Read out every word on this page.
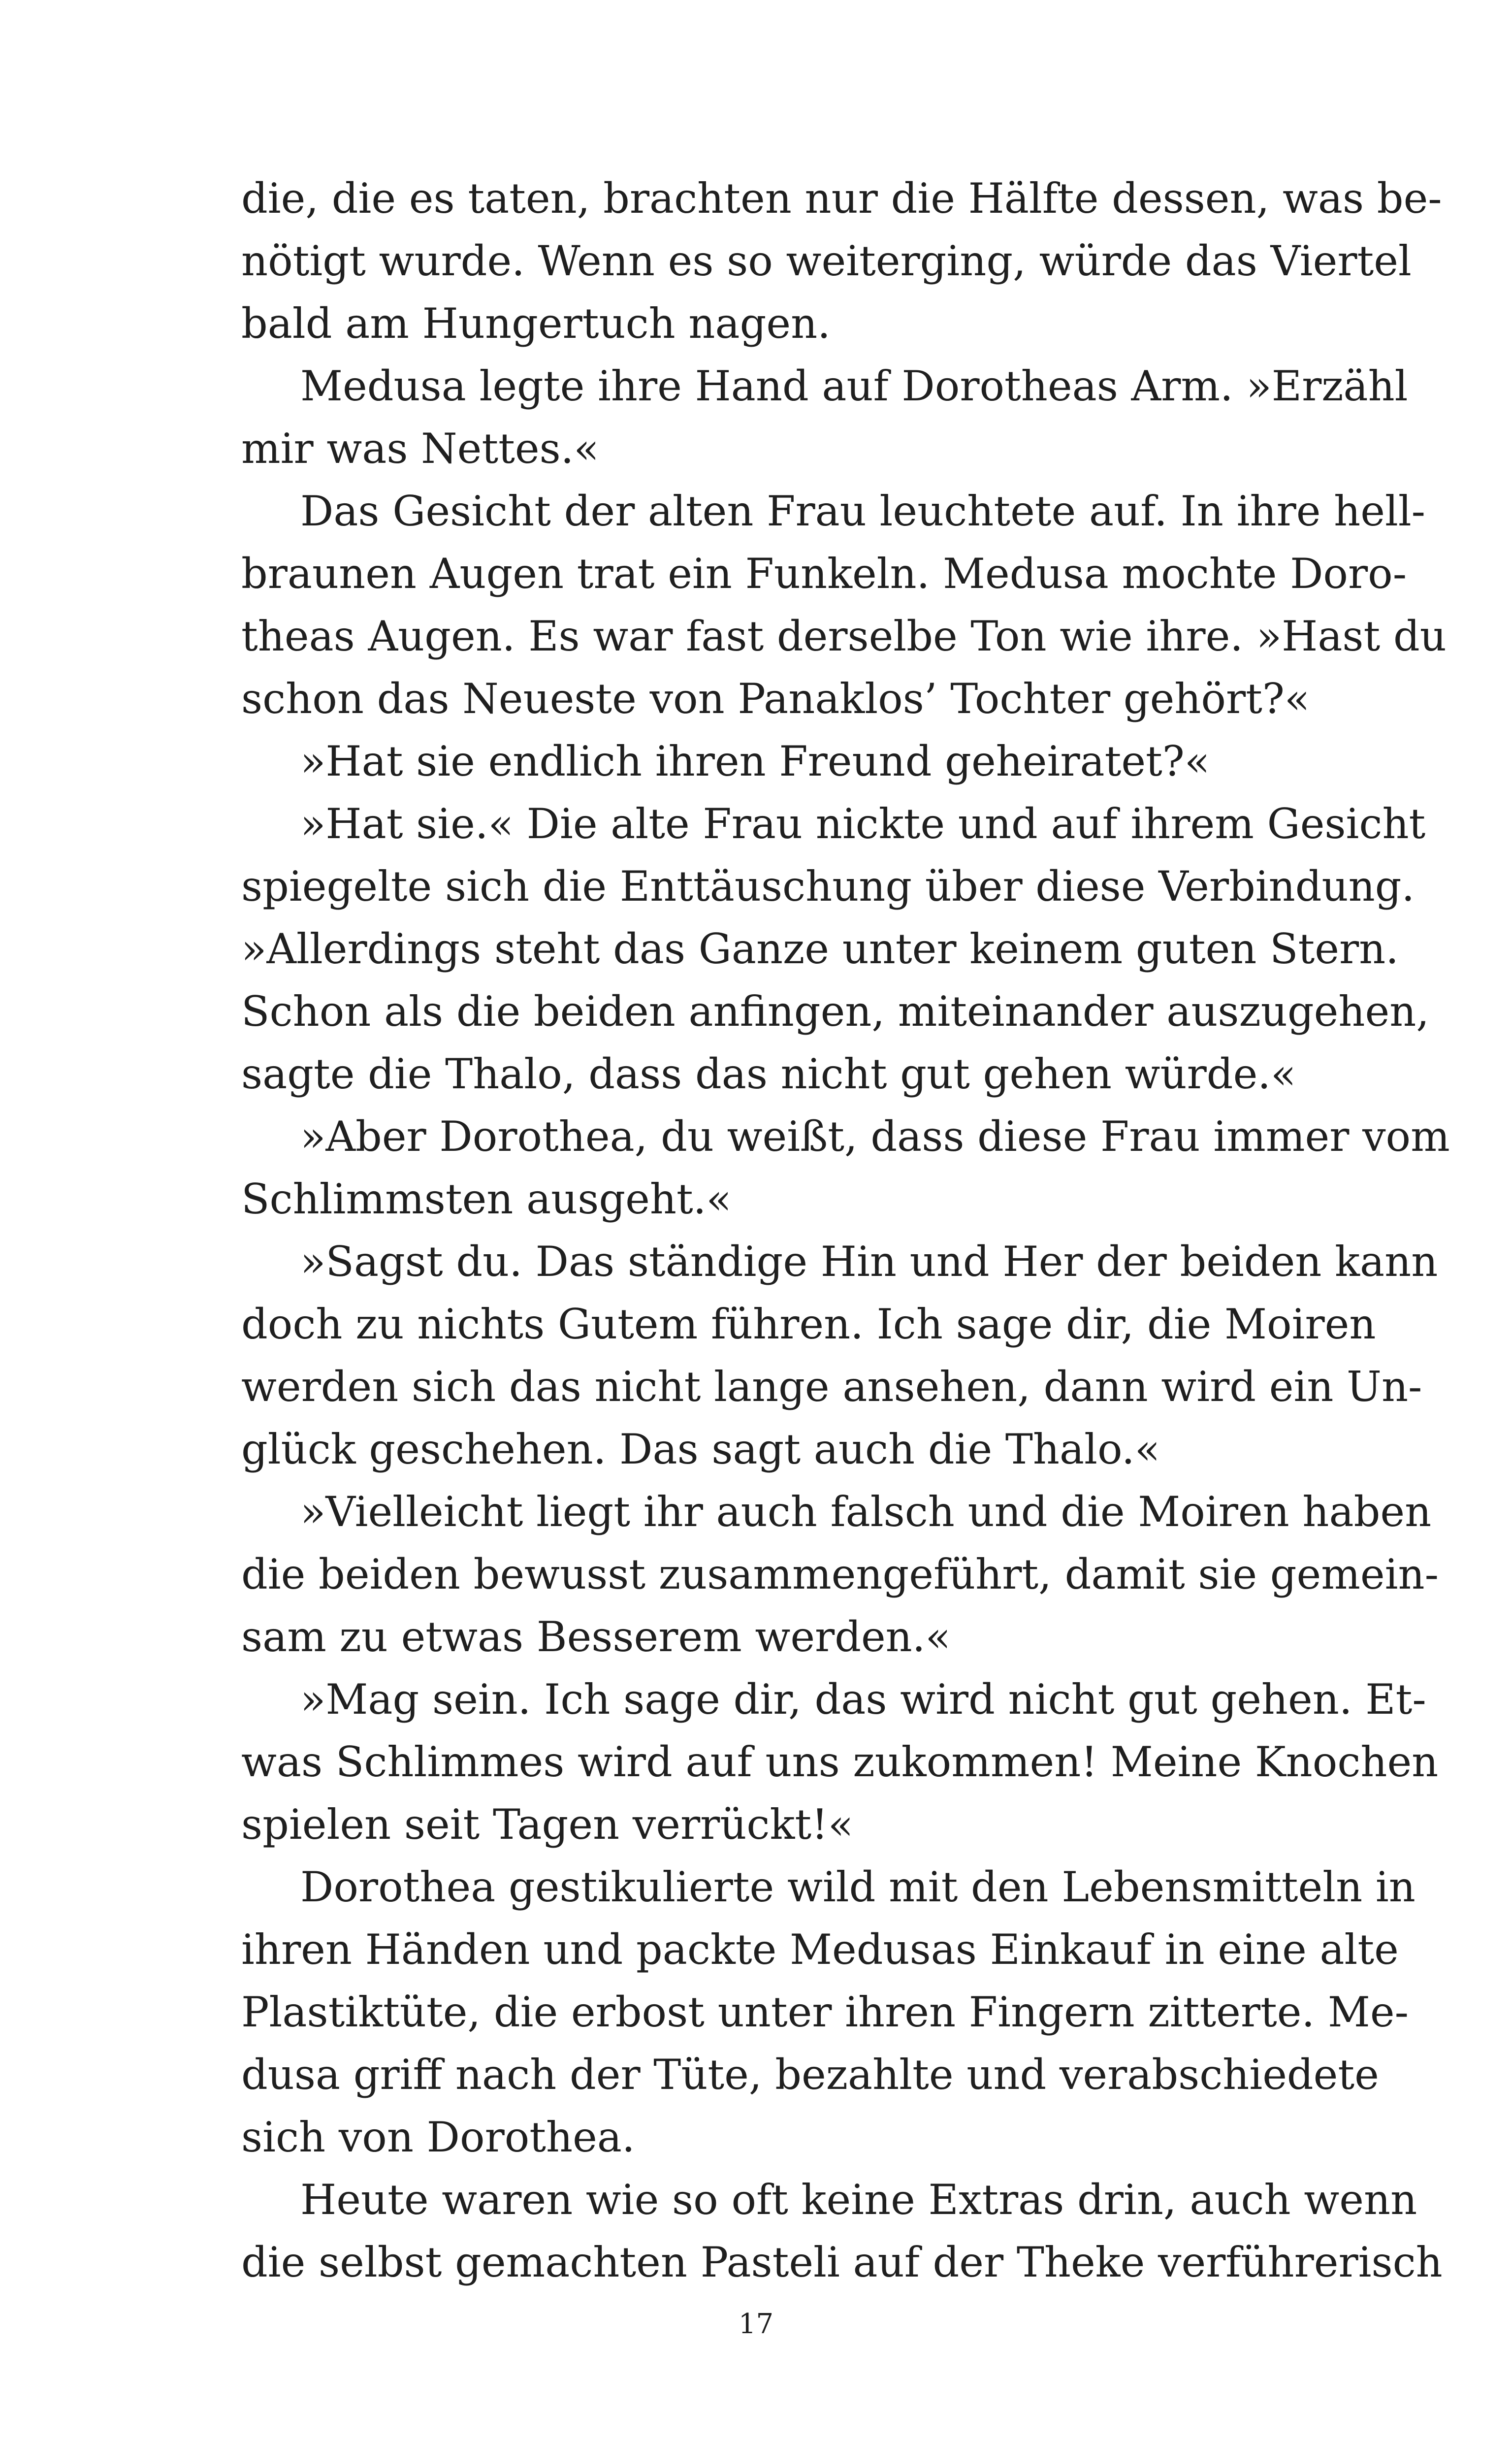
die, die es taten, brachten nur die Hälfte dessen, was be-
nötigt wurde. Wenn es so weiterging, würde das Viertel
bald am Hungertuch nagen.
Medusa legte ihre Hand auf Dorotheas Arm. »Erzähl
mir was Nettes.«
Das Gesicht der alten Frau leuchtete auf. In ihre hell-
braunen Augen trat ein Funkeln. Medusa mochte Doro-
theas Augen. Es war fast derselbe Ton wie ihre. »Hast du
schon das Neueste von Panaklos’ Tochter gehört?«
»Hat sie endlich ihren Freund geheiratet?«
»Hat sie.« Die alte Frau nickte und auf ihrem Gesicht
spiegelte sich die Enttäuschung über diese Verbindung.
»Allerdings steht das Ganze unter keinem guten Stern.
Schon als die beiden anfingen, miteinander auszugehen,
sagte die Thalo, dass das nicht gut gehen würde.«
»Aber Dorothea, du weißt, dass diese Frau immer vom
Schlimmsten ausgeht.«
»Sagst du. Das ständige Hin und Her der beiden kann
doch zu nichts Gutem führen. Ich sage dir, die Moiren
werden sich das nicht lange ansehen, dann wird ein Un-
glück geschehen. Das sagt auch die Thalo.«
»Vielleicht liegt ihr auch falsch und die Moiren haben
die beiden bewusst zusammengeführt, damit sie gemein-
sam zu etwas Besserem werden.«
»Mag sein. Ich sage dir, das wird nicht gut gehen. Et-
was Schlimmes wird auf uns zukommen! Meine Knochen
spielen seit Tagen verrückt!«
Dorothea gestikulierte wild mit den Lebensmitteln in
ihren Händen und packte Medusas Einkauf in eine alte
Plastiktüte, die erbost unter ihren Fingern zitterte. Me-
dusa griff nach der Tüte, bezahlte und verabschiedete
sich von Dorothea.
Heute waren wie so oft keine Extras drin, auch wenn
die selbst gemachten Pasteli auf der Theke verführerisch
17
